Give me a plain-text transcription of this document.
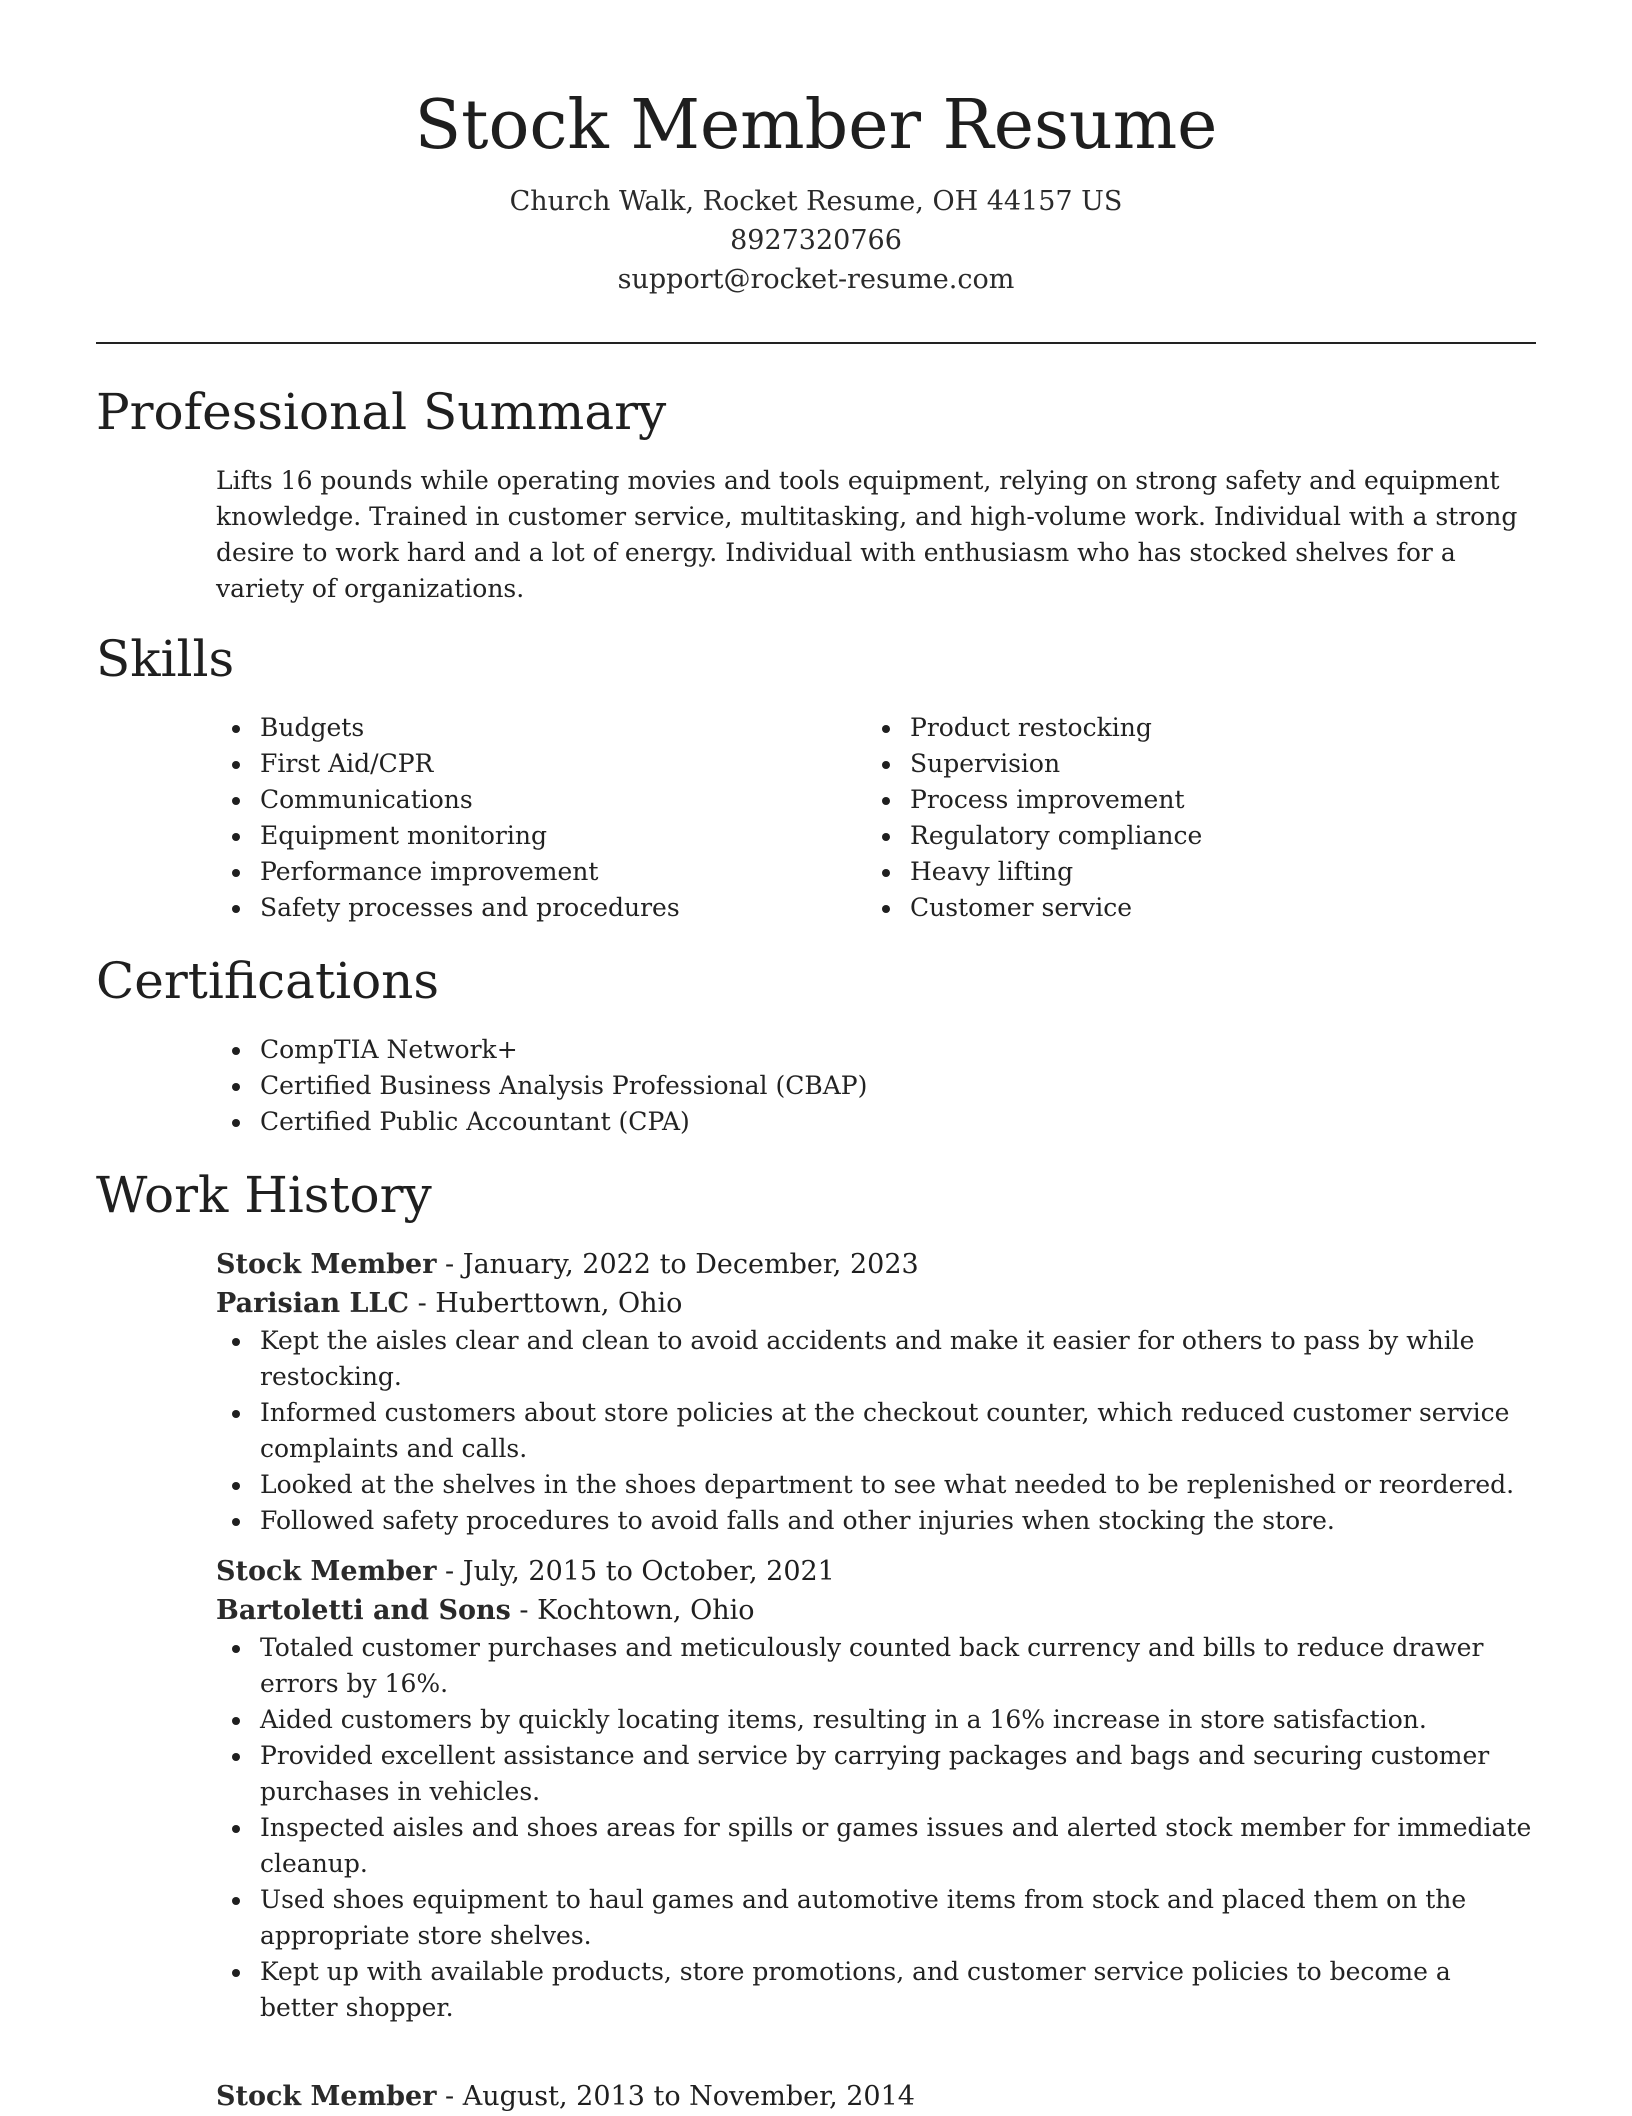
Stock Member Resume
Church Walk, Rocket Resume, OH 44157 US
8927320766
support@rocket-resume.com
Professional Summary
Lifts 16 pounds while operating movies and tools equipment, relying on strong safety and equipment knowledge. Trained in customer service, multitasking, and high-volume work. Individual with a strong desire to work hard and a lot of energy. Individual with enthusiasm who has stocked shelves for a variety of organizations.
Skills
Budgets
First Aid/CPR
Communications
Equipment monitoring
Performance improvement
Safety processes and procedures
Product restocking
Supervision
Process improvement
Regulatory compliance
Heavy lifting
Customer service
Certifications
CompTIA Network+
Certified Business Analysis Professional (CBAP)
Certified Public Accountant (CPA)
Work History
Stock Member - January, 2022 to December, 2023
Parisian LLC - Huberttown, Ohio
Kept the aisles clear and clean to avoid accidents and make it easier for others to pass by while restocking.
Informed customers about store policies at the checkout counter, which reduced customer service complaints and calls.
Looked at the shelves in the shoes department to see what needed to be replenished or reordered.
Followed safety procedures to avoid falls and other injuries when stocking the store.
Stock Member - July, 2015 to October, 2021
Bartoletti and Sons - Kochtown, Ohio
Totaled customer purchases and meticulously counted back currency and bills to reduce drawer errors by 16%.
Aided customers by quickly locating items, resulting in a 16% increase in store satisfaction.
Provided excellent assistance and service by carrying packages and bags and securing customer purchases in vehicles.
Inspected aisles and shoes areas for spills or games issues and alerted stock member for immediate cleanup.
Used shoes equipment to haul games and automotive items from stock and placed them on the appropriate store shelves.
Kept up with available products, store promotions, and customer service policies to become a better shopper.
Stock Member - August, 2013 to November, 2014
